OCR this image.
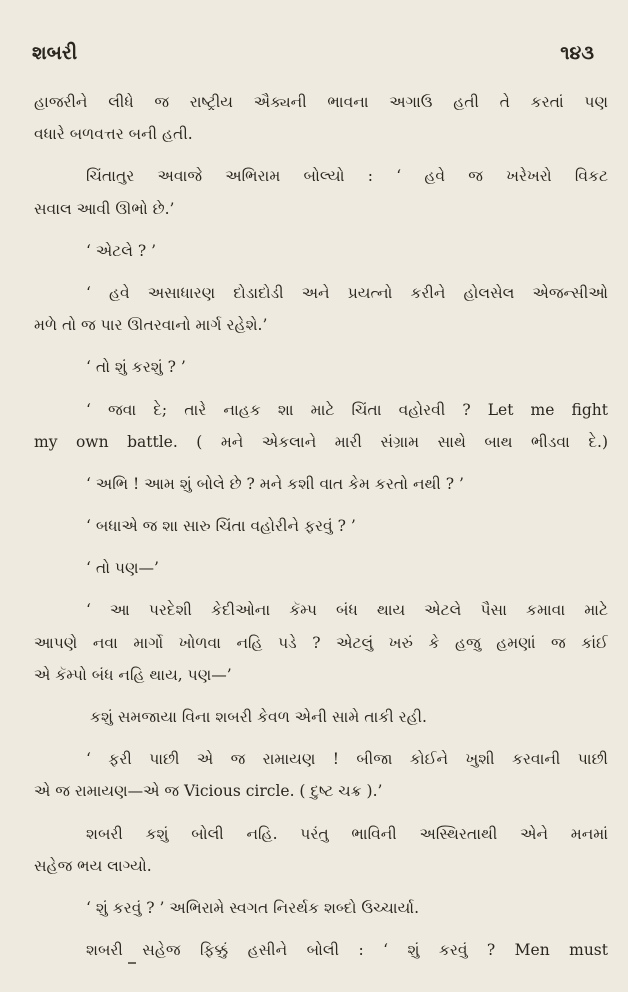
શબરી	૧૪૩
હાજરીને લીધે જ રાષ્ટ્રીય ઐક્યની ભાવના અગાઉ હતી તે કરતાં પણ
વધારે બળવત્તર બની હતી.
ચિંતાતુર અવાજે અભિરામ બોલ્યો : ‘ હવે જ ખરેખરો વિકટ
સવાલ આવી ઊભો છે.’
‘ એટલે ? ’
‘ હવે અસાધારણ દોડાદોડી અને પ્રયત્નો કરીને હોલસેલ એજન્સીઓ
મળે તો જ પાર ઊતરવાનો માર્ગ રહેશે.’
‘ તો શું કરશું ? ’
‘ જવા દે; તારે નાહક શા માટે ચિંતા વહોરવી ? Let me fight
my own battle. ( મને એકલાને મારી સંગ્રામ સાથે બાથ ભીડવા દે.)
‘ અભિ ! આમ શું બોલે છે ? મને કશી વાત કેમ કરતો નથી ? ’
‘ બધાએ જ શા સારુ ચિંતા વહોરીને ફરવું ? ’
‘ તો પણ—’
‘ આ પરદેશી કેદીઓના કૅમ્પ બંધ થાય એટલે પૈસા કમાવા માટે
આપણે નવા માર્ગો ખોળવા નહિ પડે ? એટલું ખરું કે હજુ હમણાં જ કાંઈ
એ કૅમ્પો બંધ નહિ થાય, પણ—’
કશું સમજાયા વિના શબરી કેવળ એની સામે તાકી રહી.
‘ ફરી પાછી એ જ રામાયણ ! બીજા કોઈને ખુશી કરવાની પાછી
એ જ રામાયણ—એ જ Vicious circle. ( દુષ્ટ ચક્ર ).’
શબરી કશું બોલી નહિ. પરંતુ ભાવિની અસ્થિરતાથી એને મનમાં
સહેજ ભય લાગ્યો.
‘ શું કરવું ? ’ અભિરામે સ્વગત નિરર્થક શબ્દો ઉચ્ચાર્યા.
શબરી સહેજ ફિક્કું હસીને બોલી : ‘ શું કરવું ? Men must
